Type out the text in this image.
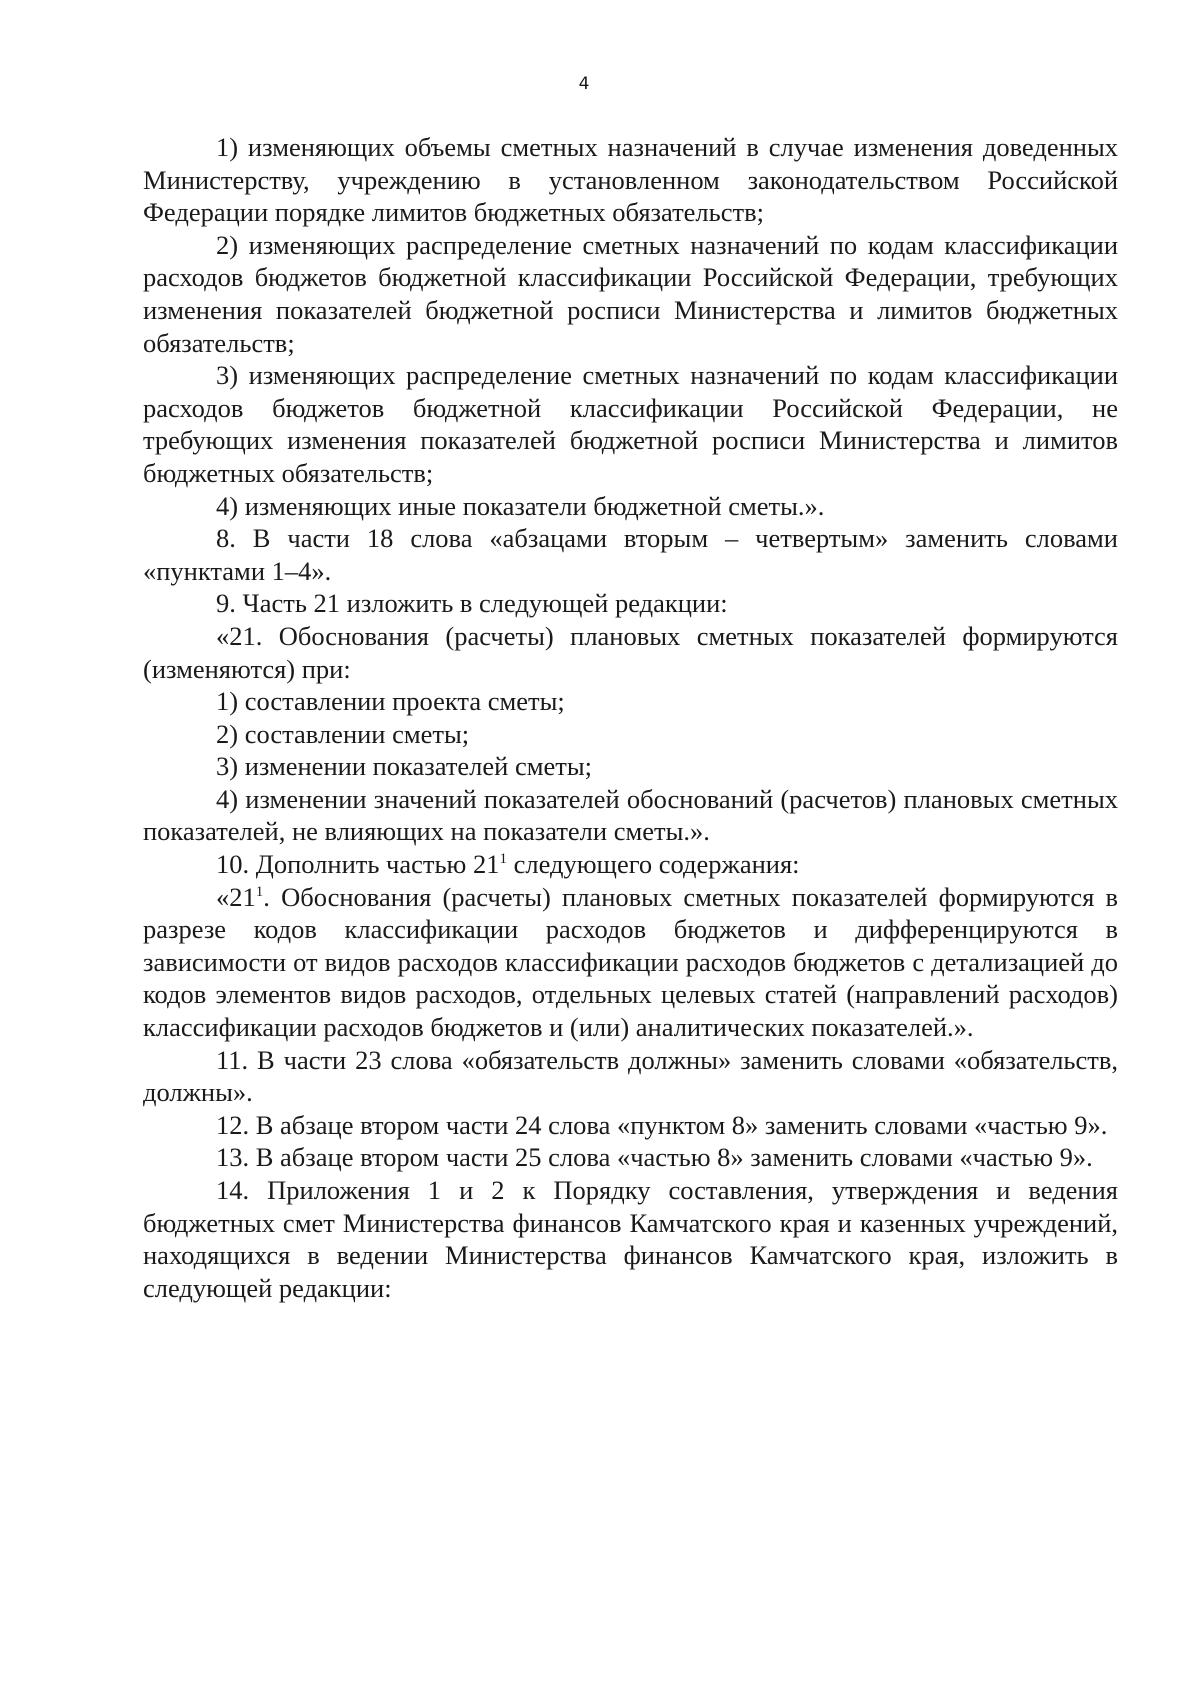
4

1) изменяющих объемы сметных назначений в случае изменения доведенных Министерству, учреждению в установленном законодательством Российской Федерации порядке лимитов бюджетных обязательств;

2) изменяющих распределение сметных назначений по кодам классификации расходов бюджетов бюджетной классификации Российской Федерации, требующих изменения показателей бюджетной росписи Министерства и лимитов бюджетных обязательств;

3) изменяющих распределение сметных назначений по кодам классификации расходов бюджетов бюджетной классификации Российской Федерации, не требующих изменения показателей бюджетной росписи Министерства и лимитов бюджетных обязательств;

4) изменяющих иные показатели бюджетной сметы.».

8. В части 18 слова «абзацами вторым – четвертым» заменить словами «пунктами 1–4».

9. Часть 21 изложить в следующей редакции:

«21. Обоснования (расчеты) плановых сметных показателей формируются (изменяются) при:

1) составлении проекта сметы;

2) составлении сметы;

3) изменении показателей сметы;

4) изменении значений показателей обоснований (расчетов) плановых сметных показателей, не влияющих на показатели сметы.».

10. Дополнить частью $21^1$ следующего содержания:

«$21^1$. Обоснования (расчеты) плановых сметных показателей формируются в разрезе кодов классификации расходов бюджетов и дифференцируются в зависимости от видов расходов классификации расходов бюджетов с детализацией до кодов элементов видов расходов, отдельных целевых статей (направлений расходов) классификации расходов бюджетов и (или) аналитических показателей.».

11. В части 23 слова «обязательств должны» заменить словами «обязательств, должны».

12. В абзаце втором части 24 слова «пунктом 8» заменить словами «частью 9».

13. В абзаце втором части 25 слова «частью 8» заменить словами «частью 9».

14. Приложения 1 и 2 к Порядку составления, утверждения и ведения бюджетных смет Министерства финансов Камчатского края и казенных учреждений, находящихся в ведении Министерства финансов Камчатского края, изложить в следующей редакции:
